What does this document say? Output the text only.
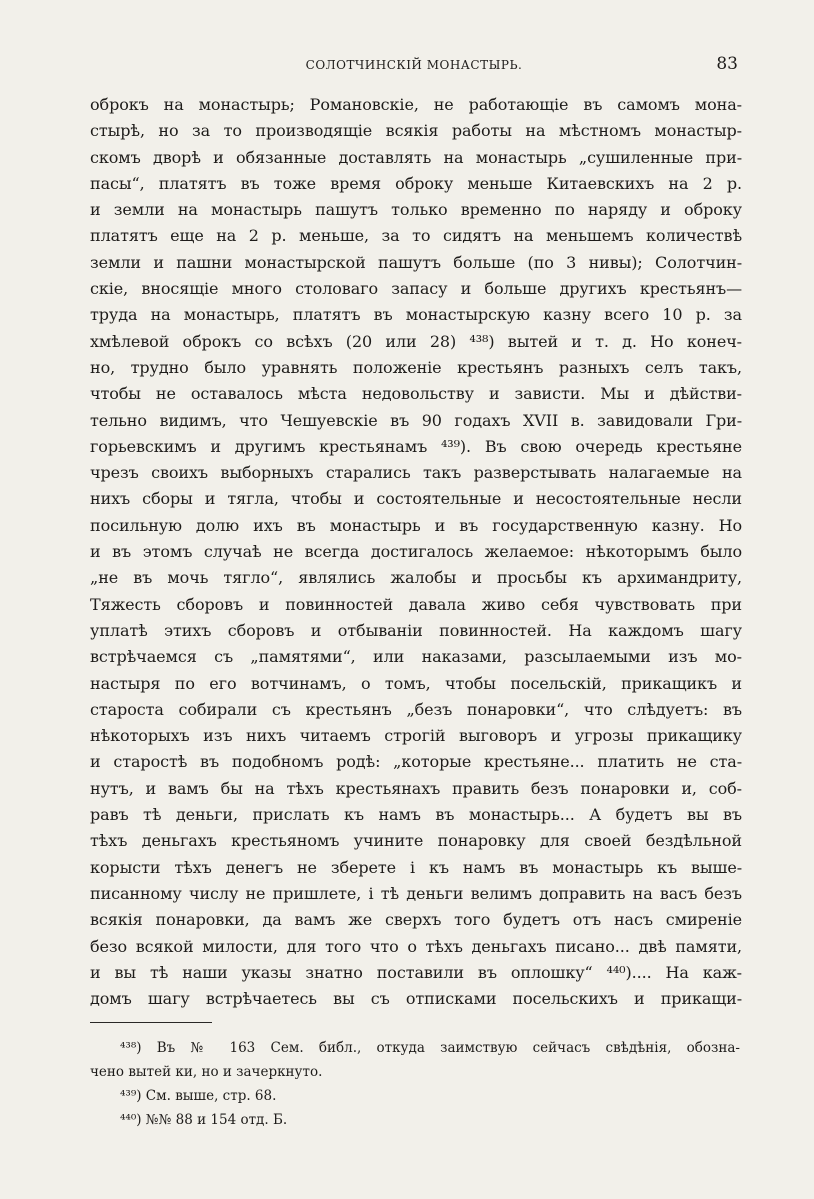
СОЛОТЧИНСКІЙ МОНАСТЫРЬ.	83
оброкъ на монастырь; Романовскіе, не работающіе въ самомъ мона-
стырѣ, но за то производящіе всякія работы на мѣстномъ монастыр-
скомъ дворѣ и обязанные доставлять на монастырь „сушиленные при-
пасы“, платятъ въ тоже время оброку меньше Китаевскихъ на 2 р.
и земли на монастырь пашутъ только временно по наряду и оброку
платятъ еще на 2 р. меньше, за то сидятъ на меньшемъ количествѣ
земли и пашни монастырской пашутъ больше (по 3 нивы); Солотчин-
скіе, вносящіе много столоваго запасу и больше другихъ крестьянъ—
труда на монастырь, платятъ въ монастырскую казну всего 10 р. за
хмѣлевой оброкъ со всѣхъ (20 или 28) ⁴³⁸) вытей и т. д. Но конеч-
но, трудно было уравнять положеніе крестьянъ разныхъ селъ такъ,
чтобы не оставалось мѣста недовольству и зависти. Мы и дѣйстви-
тельно видимъ, что Чешуевскіе въ 90 годахъ XVII в. завидовали Гри-
горьевскимъ и другимъ крестьянамъ ⁴³⁹). Въ свою очередь крестьяне
чрезъ своихъ выборныхъ старались такъ разверстывать налагаемые на
нихъ сборы и тягла, чтобы и состоятельные и несостоятельные несли
посильную долю ихъ въ монастырь и въ государственную казну. Но
и въ этомъ случаѣ не всегда достигалось желаемое: нѣкоторымъ было
„не въ мочь тягло“, являлись жалобы и просьбы къ архимандриту,
Тяжесть сборовъ и повинностей давала живо себя чувствовать при
уплатѣ этихъ сборовъ и отбываніи повинностей. На каждомъ шагу
встрѣчаемся съ „памятями“, или наказами, разсылаемыми изъ мо-
настыря по его вотчинамъ, о томъ, чтобы посельскій, прикащикъ и
староста собирали съ крестьянъ „безъ понаровки“, что слѣдуетъ: въ
нѣкоторыхъ изъ нихъ читаемъ строгій выговоръ и угрозы прикащику
и старостѣ въ подобномъ родѣ: „которые крестьяне... платить не ста-
нутъ, и вамъ бы на тѣхъ крестьянахъ править безъ понаровки и, соб-
равъ тѣ деньги, прислать къ намъ въ монастырь... А будетъ вы въ
тѣхъ деньгахъ крестьяномъ учините понаровку для своей бездѣльной
корысти тѣхъ денегъ не зберете і къ намъ въ монастырь къ выше-
писанному числу не пришлете, і тѣ деньги велимъ доправить на васъ безъ
всякія понаровки, да вамъ же сверхъ того будетъ отъ насъ смиреніе
безо всякой милости, для того что о тѣхъ деньгахъ писано... двѣ памяти,
и вы тѣ наши указы знатно поставили въ оплошку“ ⁴⁴⁰).... На каж-
домъ шагу встрѣчаетесь вы съ отписками посельскихъ и прикащи-
⁴³⁸) Въ № 163 Сем. библ., откуда заимствую сейчасъ свѣдѣнія, обозна-
чено вытей ки, но и зачеркнуто.
⁴³⁹) См. выше, стр. 68.
⁴⁴⁰) №№ 88 и 154 отд. Б.
